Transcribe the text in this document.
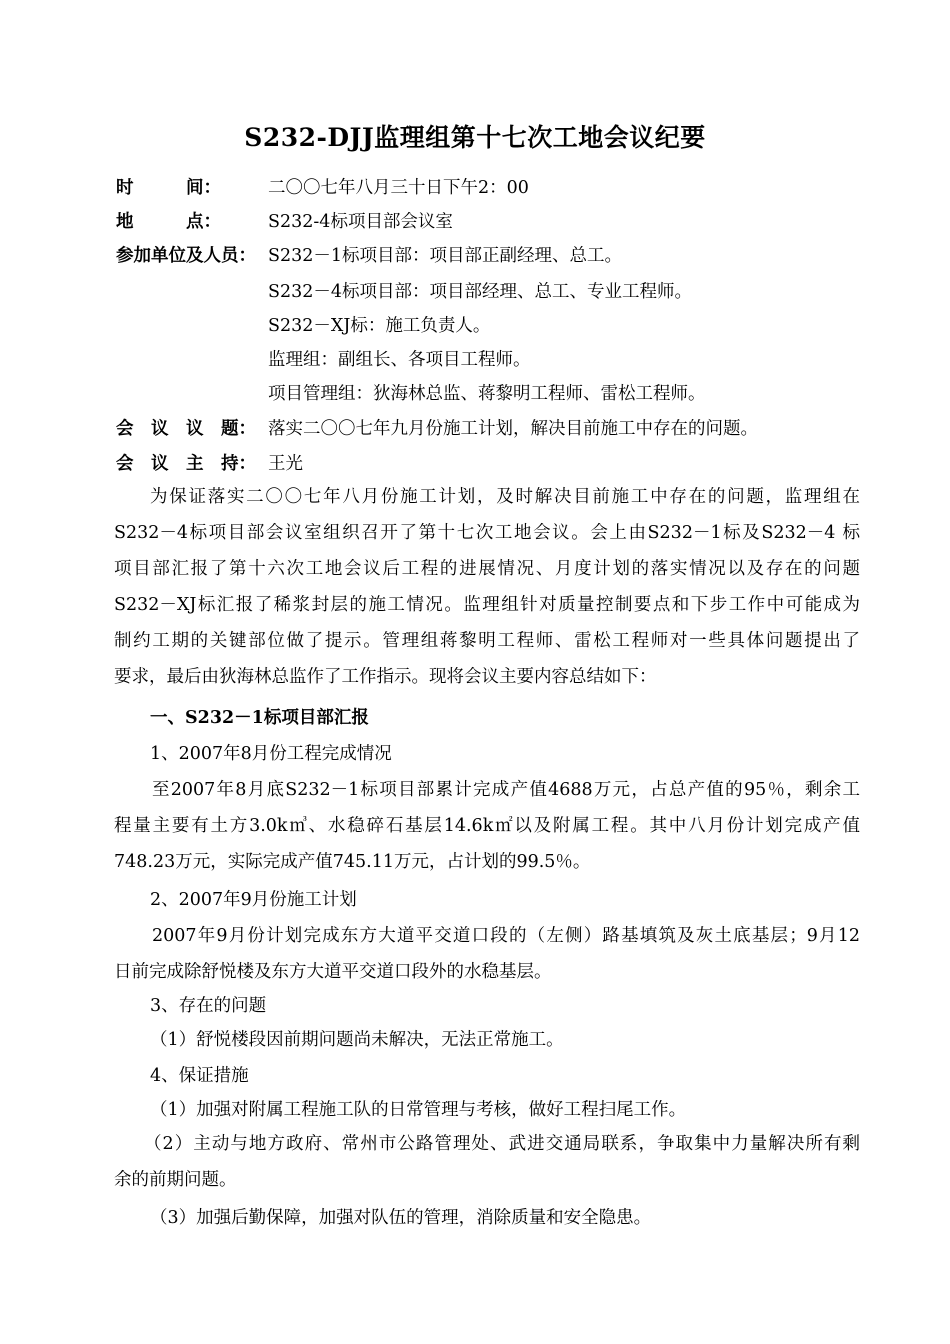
S232-DJJ监理组第十七次工地会议纪要
时　　　间：	二〇〇七年八月三十日下午2：00
地　　　点：	S232-4标项目部会议室
参加单位及人员： S232－1标项目部：项目部正副经理、总工。
S232－4标项目部：项目部经理、总工、专业工程师。
S232－XJ标：施工负责人。
监理组：副组长、各项目工程师。
项目管理组：狄海林总监、蒋黎明工程师、雷松工程师。
会　议　议　题： 落实二〇〇七年九月份施工计划，解决目前施工中存在的问题。
会　议　主　持： 王光
为保证落实二〇〇七年八月份施工计划，及时解决目前施工中存在的问题，监理组在
S232－4标项目部会议室组织召开了第十七次工地会议。会上由S232－1标及S232－4 标
项目部汇报了第十六次工地会议后工程的进展情况、月度计划的落实情况以及存在的问题
S232－XJ标汇报了稀浆封层的施工情况。监理组针对质量控制要点和下步工作中可能成为
制约工期的关键部位做了提示。管理组蒋黎明工程师、雷松工程师对一些具体问题提出了
要求，最后由狄海林总监作了工作指示。现将会议主要内容总结如下：
一、S232－1标项目部汇报
1、2007年8月份工程完成情况
至2007年8月底S232－1标项目部累计完成产值4688万元，占总产值的95％，剩余工
程量主要有土方3.0k㎥、水稳碎石基层14.6k㎡以及附属工程。其中八月份计划完成产值
748.23万元，实际完成产值745.11万元，占计划的99.5％。
2、2007年9月份施工计划
2007年9月份计划完成东方大道平交道口段的（左侧）路基填筑及灰土底基层；9月12
日前完成除舒悦楼及东方大道平交道口段外的水稳基层。
3、存在的问题
（1）舒悦楼段因前期问题尚未解决，无法正常施工。
4、保证措施
（1）加强对附属工程施工队的日常管理与考核，做好工程扫尾工作。
（2）主动与地方政府、常州市公路管理处、武进交通局联系，争取集中力量解决所有剩
余的前期问题。
（3）加强后勤保障，加强对队伍的管理，消除质量和安全隐患。
